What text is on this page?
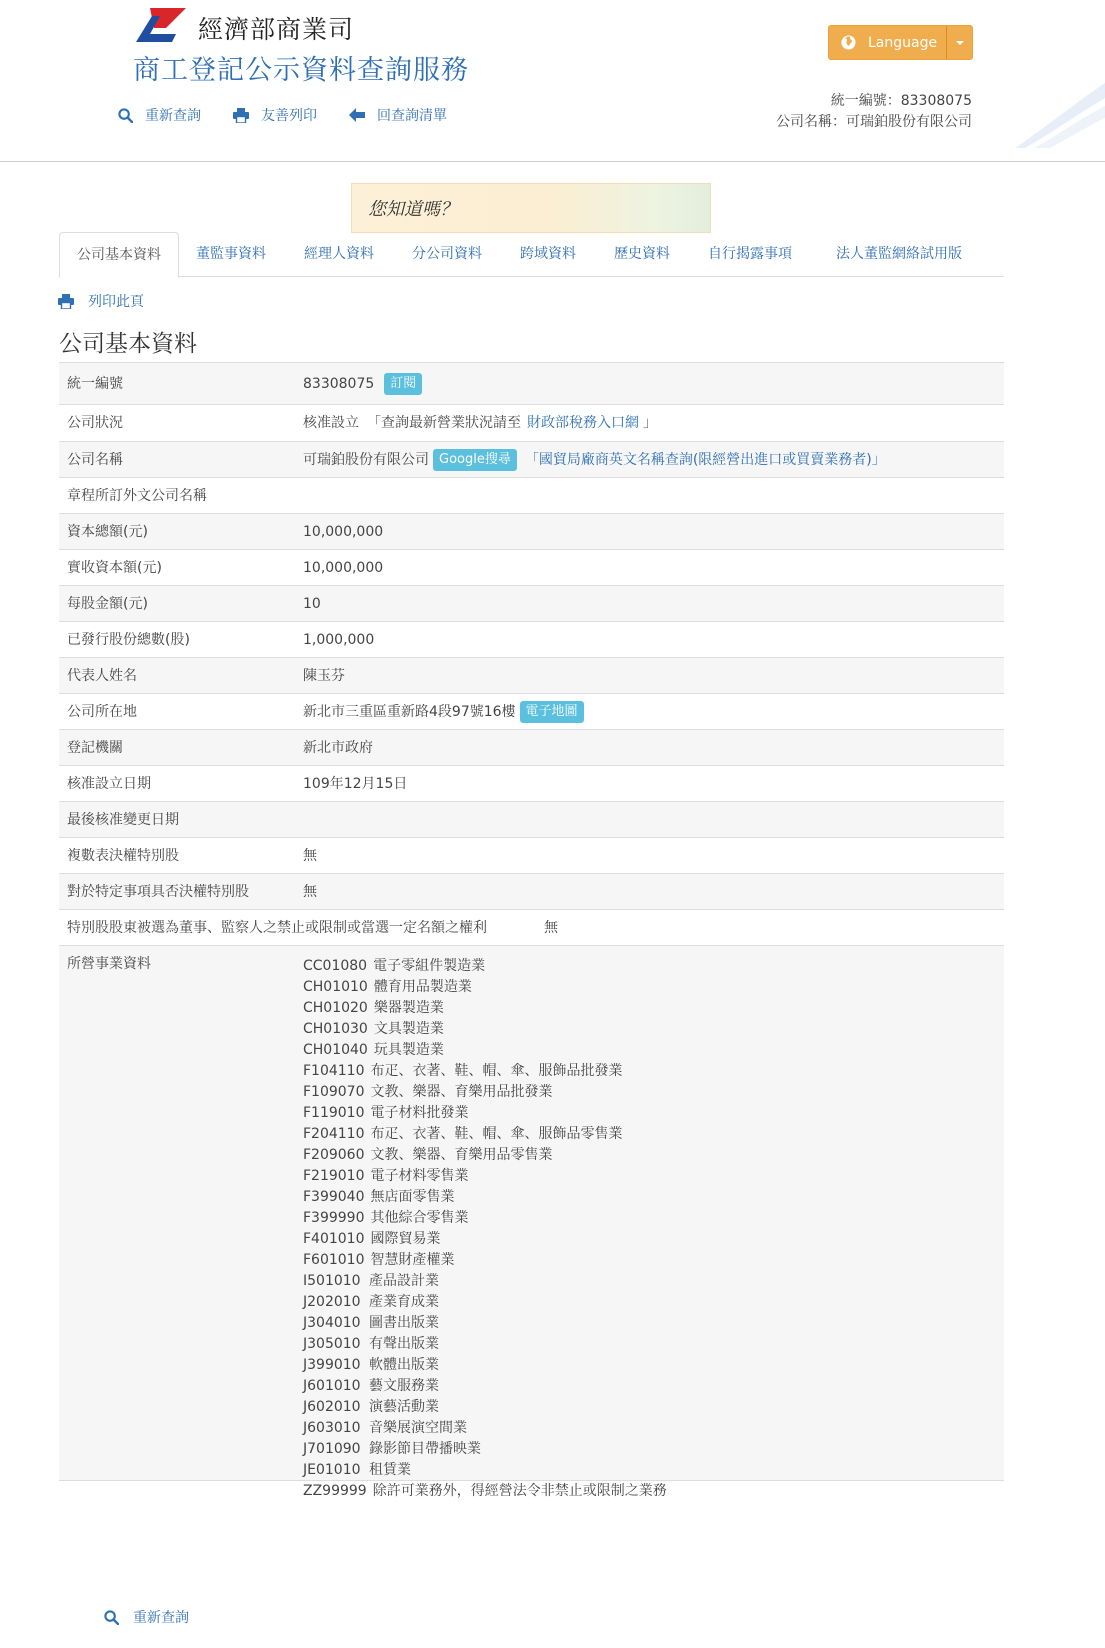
經濟部商業司
商工登記公示資料查詢服務
重新查詢	友善列印	回查詢清單
Language
統一編號：83308075
公司名稱：可瑞鉑股份有限公司
您知道嗎？
公司基本資料	董監事資料	經理人資料	分公司資料	跨域資料	歷史資料	自行揭露事項	法人董監網絡試用版
列印此頁
公司基本資料
統一編號	83308075	訂閱
公司狀況	核准設立 「查詢最新營業狀況請至 財政部稅務入口網 」
公司名稱	可瑞鉑股份有限公司 Google搜尋	「國貿局廠商英文名稱查詢(限經營出進口或買賣業務者)」
章程所訂外文公司名稱
資本總額(元)	10,000,000
實收資本額(元)	10,000,000
每股金額(元)	10
已發行股份總數(股)	1,000,000
代表人姓名	陳玉芬
公司所在地	新北市三重區重新路4段97號16樓 電子地圖
登記機關	新北市政府
核准設立日期	109年12月15日
最後核准變更日期
複數表決權特別股	無
對於特定事項具否決權特別股	無
特別股股東被選為董事、監察人之禁止或限制或當選一定名額之權利	無
所營事業資料	CC01080 電子零組件製造業
CH01010 體育用品製造業
CH01020 樂器製造業
CH01030 文具製造業
CH01040 玩具製造業
F104110 布疋、衣著、鞋、帽、傘、服飾品批發業
F109070 文教、樂器、育樂用品批發業
F119010 電子材料批發業
F204110 布疋、衣著、鞋、帽、傘、服飾品零售業
F209060 文教、樂器、育樂用品零售業
F219010 電子材料零售業
F399040 無店面零售業
F399990 其他綜合零售業
F401010 國際貿易業
F601010 智慧財產權業
I501010 產品設計業
J202010 產業育成業
J304010 圖書出版業
J305010 有聲出版業
J399010 軟體出版業
J601010 藝文服務業
J602010 演藝活動業
J603010 音樂展演空間業
J701090 錄影節目帶播映業
JE01010 租賃業
ZZ99999 除許可業務外，得經營法令非禁止或限制之業務
重新查詢
